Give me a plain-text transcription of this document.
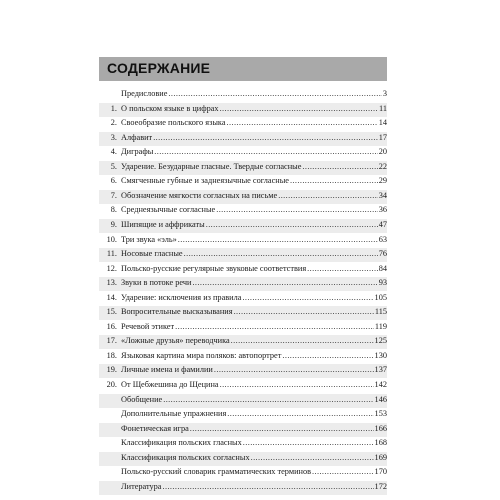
СОДЕРЖАНИЕ
Предисловие .....	3
1. О польском языке в цифрах .....	11
2. Своеобразие польского языка .....	14
3. Алфавит .....	17
4. Диграфы .....	20
5. Ударение. Безударные гласные. Твердые согласные .....	22
6. Смягченные губные и заднеязычные согласные .....	29
7. Обозначение мягкости согласных на письме .....	34
8. Среднеязычные согласные .....	36
9. Шипящие и аффрикаты .....	47
10. Три звука «эль» .....	63
11. Носовые гласные .....	76
12. Польско-русские регулярные звуковые соответствия .....	84
13. Звуки в потоке речи .....	93
14. Ударение: исключения из правила .....	105
15. Вопросительные высказывания .....	115
16. Речевой этикет .....	119
17. «Ложные друзья» переводчика .....	125
18. Языковая картина мира поляков: автопортрет .....	130
19. Личные имена и фамилии .....	137
20. От Щебжешина до Щецина .....	142
Обобщение .....	146
Дополнительные упражнения .....	153
Фонетическая игра .....	166
Классификация польских гласных .....	168
Классификация польских согласных .....	169
Польско-русский словарик грамматических терминов .....	170
Литература .....	172
